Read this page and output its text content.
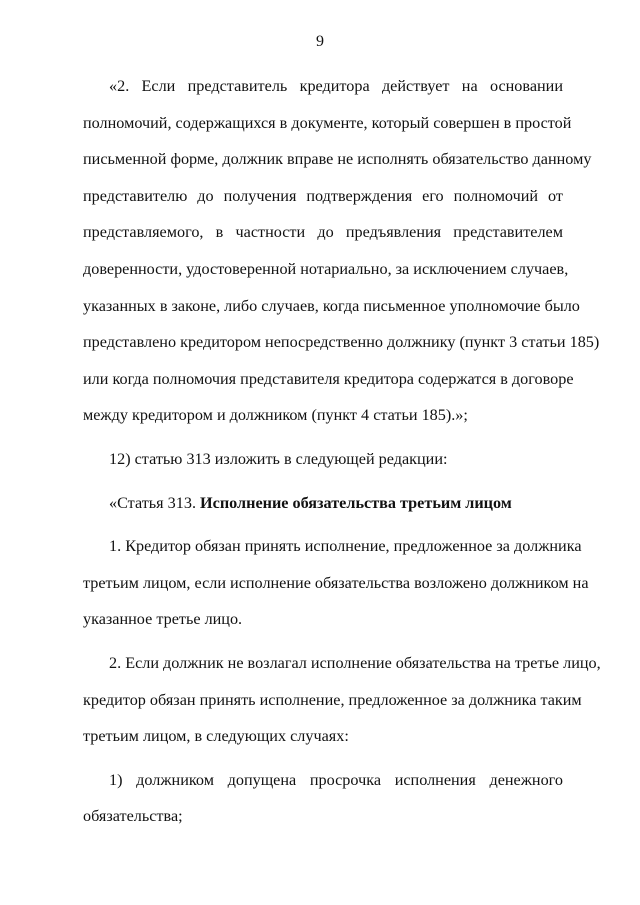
9
«2. Если представитель кредитора действует на основании
полномочий, содержащихся в документе, который совершен в простой
письменной форме, должник вправе не исполнять обязательство данному
представителю до получения подтверждения его полномочий от
представляемого, в частности до предъявления представителем
доверенности, удостоверенной нотариально, за исключением случаев,
указанных в законе, либо случаев, когда письменное уполномочие было
представлено кредитором непосредственно должнику (пункт 3 статьи 185)
или когда полномочия представителя кредитора содержатся в договоре
между кредитором и должником (пункт 4 статьи 185).»;
12) статью 313 изложить в следующей редакции:
«Статья 313. Исполнение обязательства третьим лицом
1. Кредитор обязан принять исполнение, предложенное за должника
третьим лицом, если исполнение обязательства возложено должником на
указанное третье лицо.
2. Если должник не возлагал исполнение обязательства на третье лицо,
кредитор обязан принять исполнение, предложенное за должника таким
третьим лицом, в следующих случаях:
1) должником допущена просрочка исполнения денежного
обязательства;
